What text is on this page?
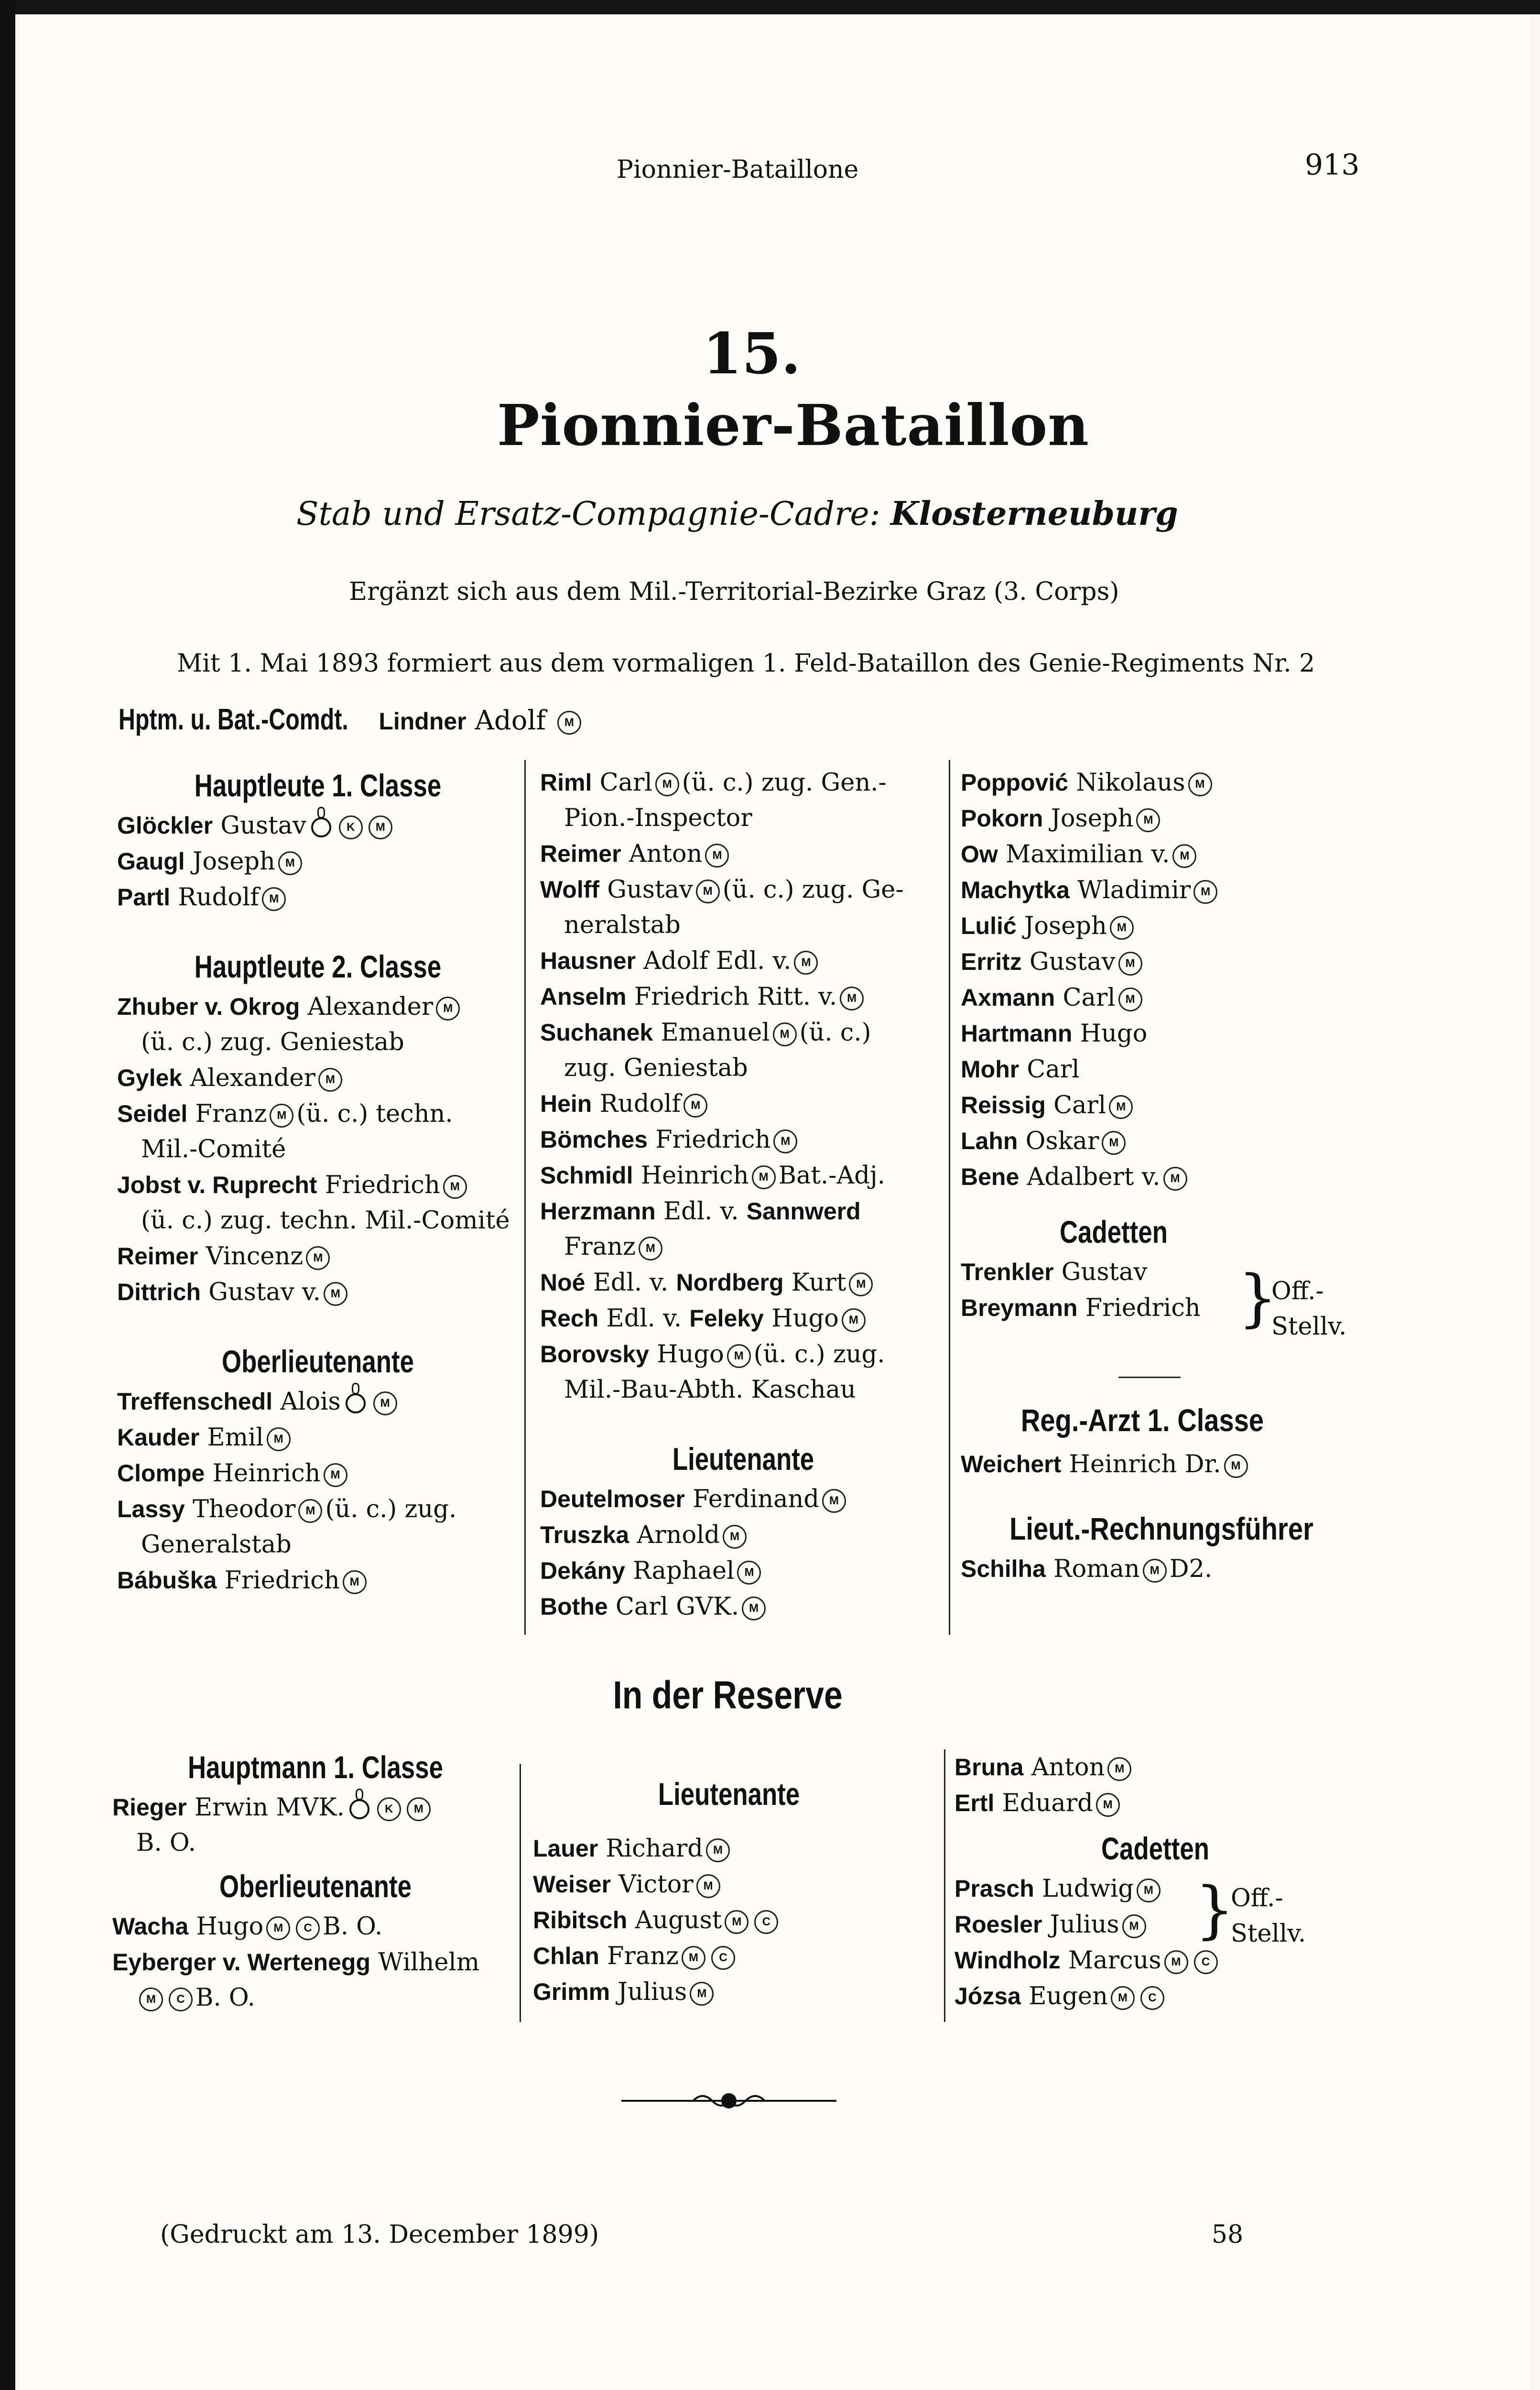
Pionnier-Bataillone	913
15.
Pionnier-Bataillon
Stab und Ersatz-Compagnie-Cadre: Klosterneuburg
Ergänzt sich aus dem Mil.-Territorial-Bezirke Graz (3. Corps)
Mit 1. Mai 1893 formiert aus dem vormaligen 1. Feld-Bataillon des Genie-Regiments Nr. 2
Hptm. u. Bat.-Comdt. Lindner Adolf M
Hauptleute 1. Classe
Glöckler Gustav	K M
Gaugl Joseph M
Partl Rudolf M
Hauptleute 2. Classe
Zhuber v. Okrog Alexander M
(ü. c.) zug. Geniestab
Gylek Alexander M
Seidel Franz M (ü. c.) techn.
Mil.-Comité
Jobst v. Ruprecht Friedrich M
(ü. c.) zug. techn. Mil.-Comité
Reimer Vincenz M
Dittrich Gustav v. M
Oberlieutenante
Treffenschedl Alois	M
Kauder Emil M
Clompe Heinrich M
Lassy Theodor M (ü. c.) zug.
Generalstab
Bábuška Friedrich M
Riml Carl M (ü. c.) zug. Gen.-
Pion.-Inspector
Reimer Anton M
Wolff Gustav M (ü. c.) zug. Ge-
neralstab
Hausner Adolf Edl. v. M
Anselm Friedrich Ritt. v. M
Suchanek Emanuel M (ü. c.)
zug. Geniestab
Hein Rudolf M
Bömches Friedrich M
Schmidl Heinrich M Bat.-Adj.
Herzmann Edl. v. Sannwerd
Franz M
Noé Edl. v. Nordberg Kurt M
Rech Edl. v. Feleky Hugo M
Borovsky Hugo M (ü. c.) zug.
Mil.-Bau-Abth. Kaschau
Lieutenante
Deutelmoser Ferdinand M
Truszka Arnold M
Dekány Raphael M
Bothe Carl GVK. M
Poppović Nikolaus M
Pokorn Joseph M
Ow Maximilian v. M
Machytka Wladimir M
Lulić Joseph M
Erritz Gustav M
Axmann Carl M
Hartmann Hugo
Mohr Carl
Reissig Carl M
Lahn Oskar M
Bene Adalbert v. M
Cadetten
Trenkler Gustav
Breymann Friedrich
Reg.-Arzt 1. Classe
Weichert Heinrich Dr. M
Lieut.-Rechnungsführer
Schilha Roman M D2.
}
Off.-
Stellv.
In der Reserve
Hauptmann 1. Classe
Rieger Erwin MVK.	K M
B. O.
Oberlieutenante
Wacha Hugo M C B. O.
Eyberger v. Wertenegg Wilhelm
M C B. O.
Lieutenante
Lauer Richard M
Weiser Victor M
Ribitsch August M C
Chlan Franz M C
Grimm Julius M
Bruna Anton M
Ertl Eduard M
Cadetten
Prasch Ludwig M
Roesler Julius M
Windholz Marcus M C
Józsa Eugen M C
}
Off.-
Stellv.
(Gedruckt am 13. December 1899)	58
